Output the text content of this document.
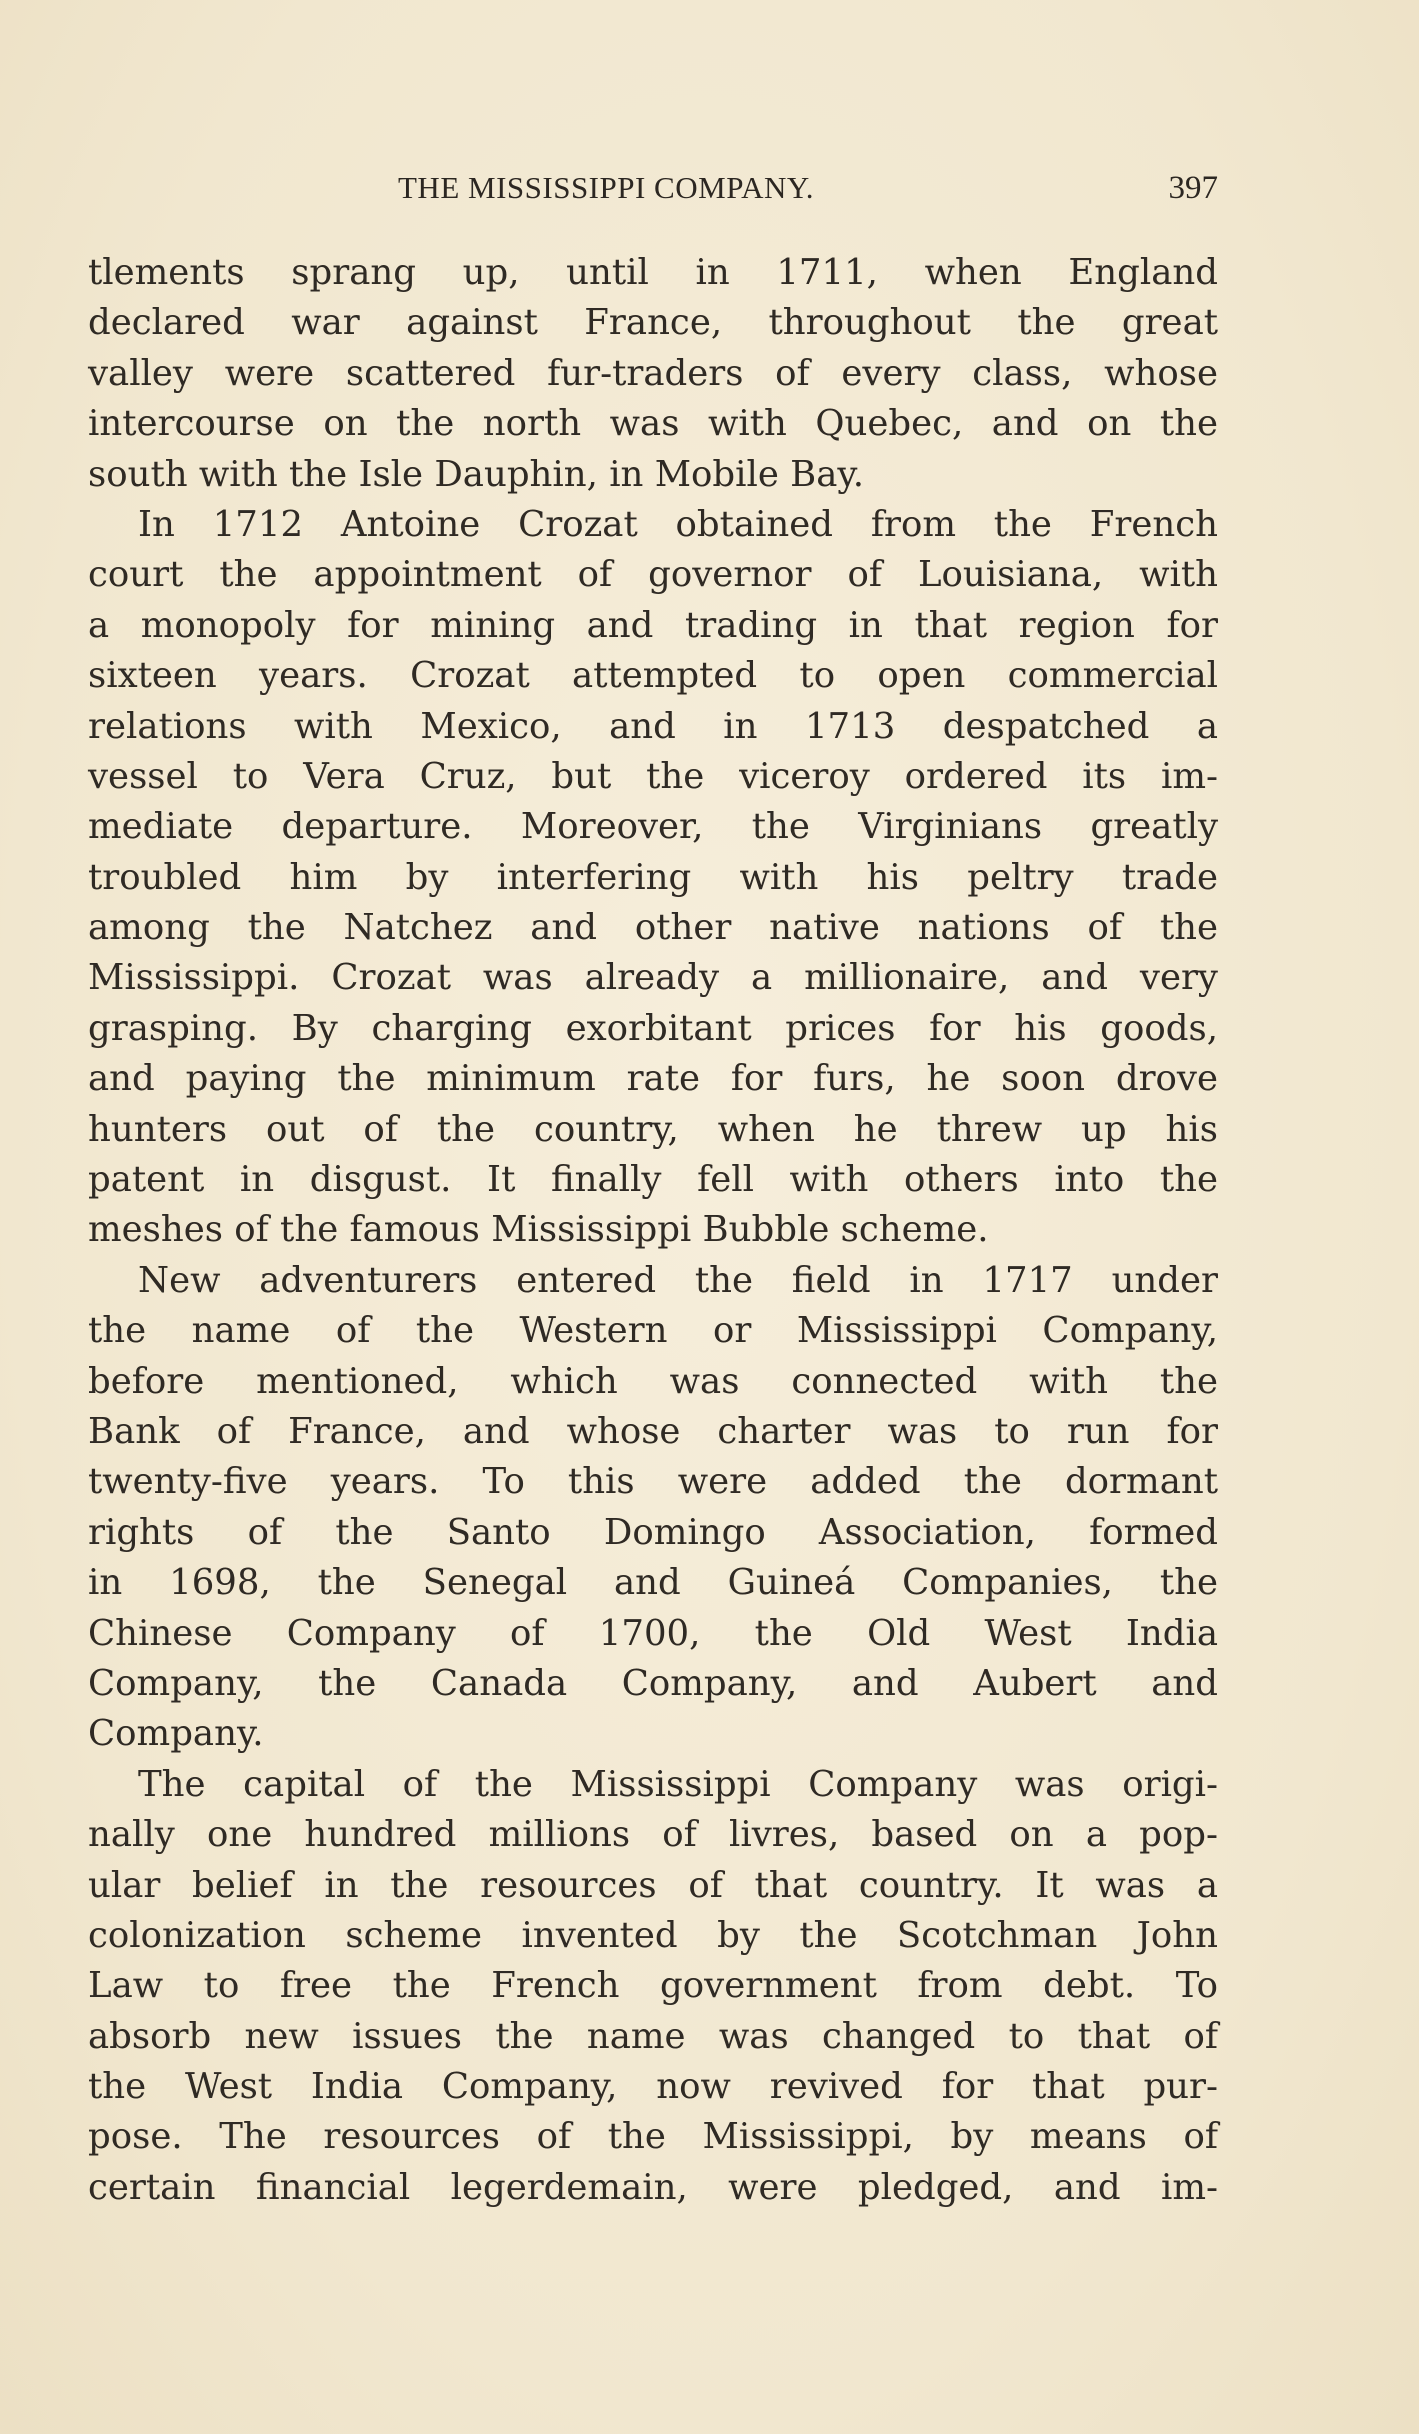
THE MISSISSIPPI COMPANY.	397
tlements sprang up, until in 1711, when England
declared war against France, throughout the great
valley were scattered fur-traders of every class, whose
intercourse on the north was with Quebec, and on the
south with the Isle Dauphin, in Mobile Bay.
In 1712 Antoine Crozat obtained from the French
court the appointment of governor of Louisiana, with
a monopoly for mining and trading in that region for
sixteen years. Crozat attempted to open commercial
relations with Mexico, and in 1713 despatched a
vessel to Vera Cruz, but the viceroy ordered its im-
mediate departure. Moreover, the Virginians greatly
troubled him by interfering with his peltry trade
among the Natchez and other native nations of the
Mississippi. Crozat was already a millionaire, and very
grasping. By charging exorbitant prices for his goods,
and paying the minimum rate for furs, he soon drove
hunters out of the country, when he threw up his
patent in disgust. It finally fell with others into the
meshes of the famous Mississippi Bubble scheme.
New adventurers entered the field in 1717 under
the name of the Western or Mississippi Company,
before mentioned, which was connected with the
Bank of France, and whose charter was to run for
twenty-five years. To this were added the dormant
rights of the Santo Domingo Association, formed
in 1698, the Senegal and Guineá Companies, the
Chinese Company of 1700, the Old West India
Company, the Canada Company, and Aubert and
Company.
The capital of the Mississippi Company was origi-
nally one hundred millions of livres, based on a pop-
ular belief in the resources of that country. It was a
colonization scheme invented by the Scotchman John
Law to free the French government from debt. To
absorb new issues the name was changed to that of
the West India Company, now revived for that pur-
pose. The resources of the Mississippi, by means of
certain financial legerdemain, were pledged, and im-
